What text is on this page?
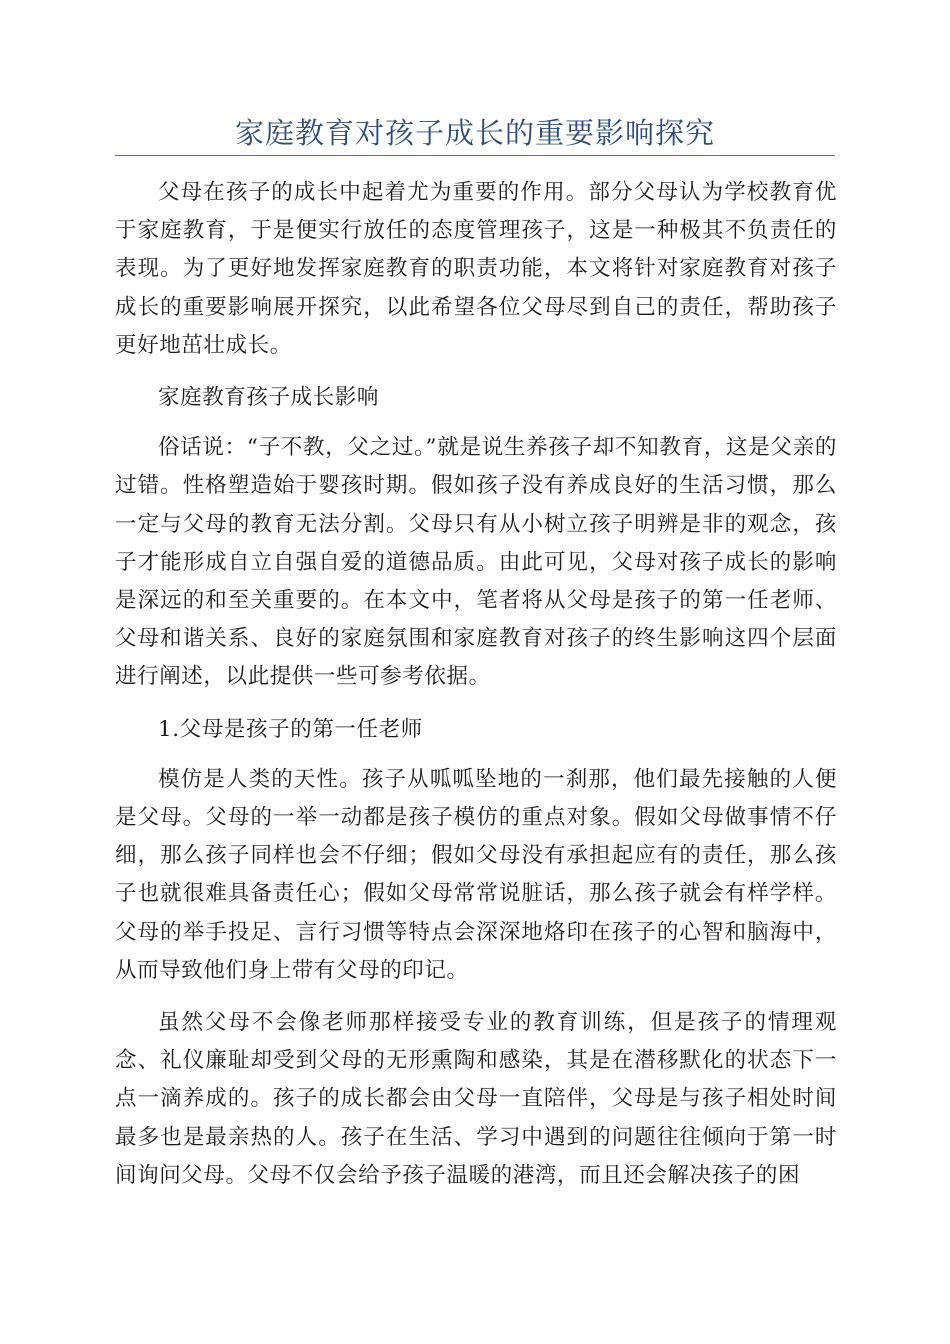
家庭教育对孩子成长的重要影响探究

父母在孩子的成长中起着尤为重要的作用。部分父母认为学校教育优于家庭教育，于是便实行放任的态度管理孩子，这是一种极其不负责任的表现。为了更好地发挥家庭教育的职责功能，本文将针对家庭教育对孩子成长的重要影响展开探究，以此希望各位父母尽到自己的责任，帮助孩子更好地茁壮成长。

家庭教育孩子成长影响

俗话说：“子不教，父之过。”就是说生养孩子却不知教育，这是父亲的过错。性格塑造始于婴孩时期。假如孩子没有养成良好的生活习惯，那么一定与父母的教育无法分割。父母只有从小树立孩子明辨是非的观念，孩子才能形成自立自强自爱的道德品质。由此可见，父母对孩子成长的影响是深远的和至关重要的。在本文中，笔者将从父母是孩子的第一任老师、父母和谐关系、良好的家庭氛围和家庭教育对孩子的终生影响这四个层面进行阐述，以此提供一些可参考依据。

1.父母是孩子的第一任老师

模仿是人类的天性。孩子从呱呱坠地的一刹那，他们最先接触的人便是父母。父母的一举一动都是孩子模仿的重点对象。假如父母做事情不仔细，那么孩子同样也会不仔细；假如父母没有承担起应有的责任，那么孩子也就很难具备责任心；假如父母常常说脏话，那么孩子就会有样学样。父母的举手投足、言行习惯等特点会深深地烙印在孩子的心智和脑海中，从而导致他们身上带有父母的印记。

虽然父母不会像老师那样接受专业的教育训练，但是孩子的情理观念、礼仪廉耻却受到父母的无形熏陶和感染，其是在潜移默化的状态下一点一滴养成的。孩子的成长都会由父母一直陪伴，父母是与孩子相处时间最多也是最亲热的人。孩子在生活、学习中遇到的问题往往倾向于第一时间询问父母。父母不仅会给予孩子温暖的港湾，而且还会解决孩子的困
